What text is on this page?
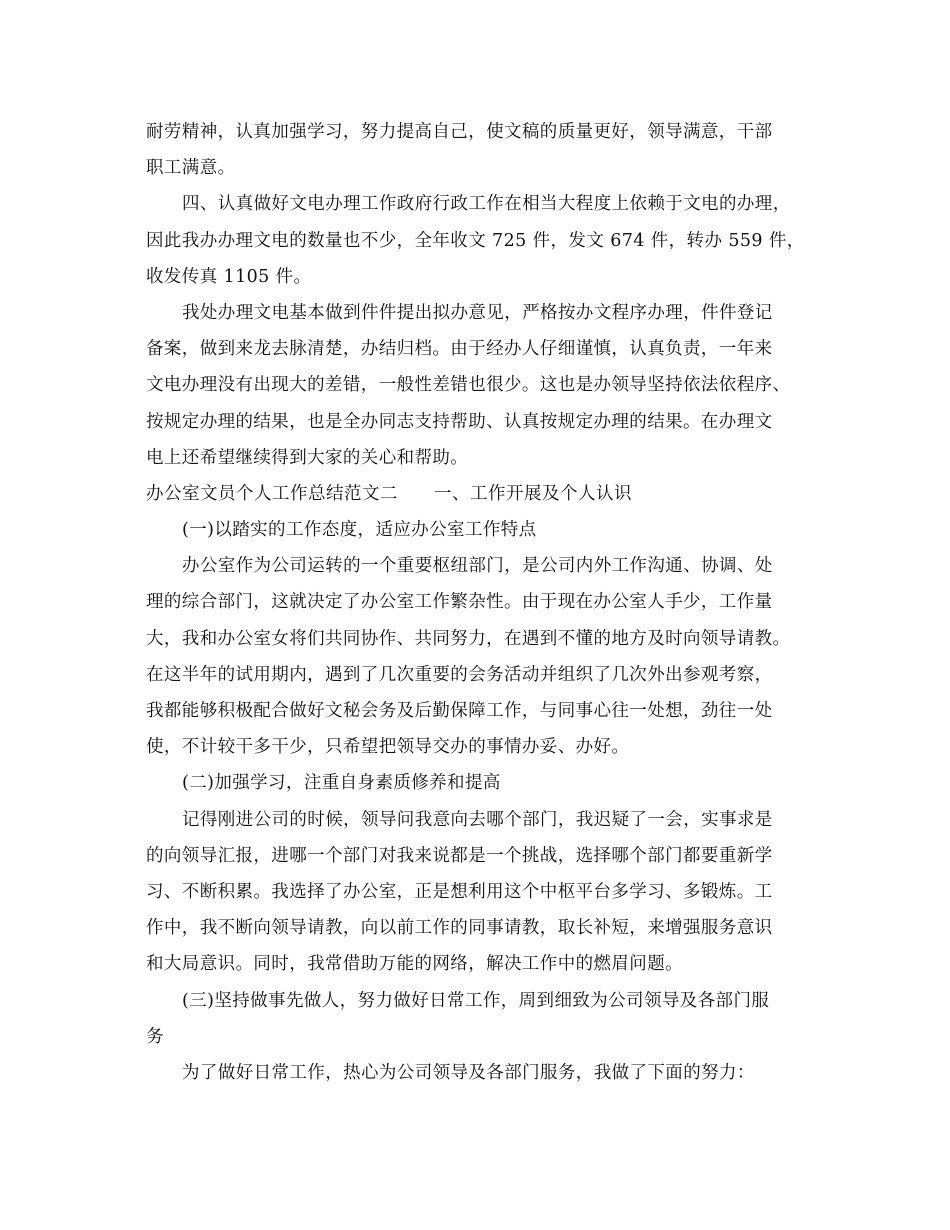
耐劳精神，认真加强学习，努力提高自己，使文稿的质量更好，领导满意，干部
职工满意。
四、认真做好文电办理工作政府行政工作在相当大程度上依赖于文电的办理，
因此我办办理文电的数量也不少，全年收文 725 件，发文 674 件，转办 559 件，
收发传真 1105 件。
我处办理文电基本做到件件提出拟办意见，严格按办文程序办理，件件登记
备案，做到来龙去脉清楚，办结归档。由于经办人仔细谨慎，认真负责，一年来
文电办理没有出现大的差错，一般性差错也很少。这也是办领导坚持依法依程序、
按规定办理的结果，也是全办同志支持帮助、认真按规定办理的结果。在办理文
电上还希望继续得到大家的关心和帮助。
办公室文员个人工作总结范文二 一、工作开展及个人认识
(一)以踏实的工作态度，适应办公室工作特点
办公室作为公司运转的一个重要枢纽部门，是公司内外工作沟通、协调、处
理的综合部门，这就决定了办公室工作繁杂性。由于现在办公室人手少，工作量
大，我和办公室女将们共同协作、共同努力，在遇到不懂的地方及时向领导请教。
在这半年的试用期内，遇到了几次重要的会务活动并组织了几次外出参观考察，
我都能够积极配合做好文秘会务及后勤保障工作，与同事心往一处想，劲往一处
使，不计较干多干少，只希望把领导交办的事情办妥、办好。
(二)加强学习，注重自身素质修养和提高
记得刚进公司的时候，领导问我意向去哪个部门，我迟疑了一会，实事求是
的向领导汇报，进哪一个部门对我来说都是一个挑战，选择哪个部门都要重新学
习、不断积累。我选择了办公室，正是想利用这个中枢平台多学习、多锻炼。工
作中，我不断向领导请教，向以前工作的同事请教，取长补短，来增强服务意识
和大局意识。同时，我常借助万能的网络，解决工作中的燃眉问题。
(三)坚持做事先做人，努力做好日常工作，周到细致为公司领导及各部门服
务
为了做好日常工作，热心为公司领导及各部门服务，我做了下面的努力：
